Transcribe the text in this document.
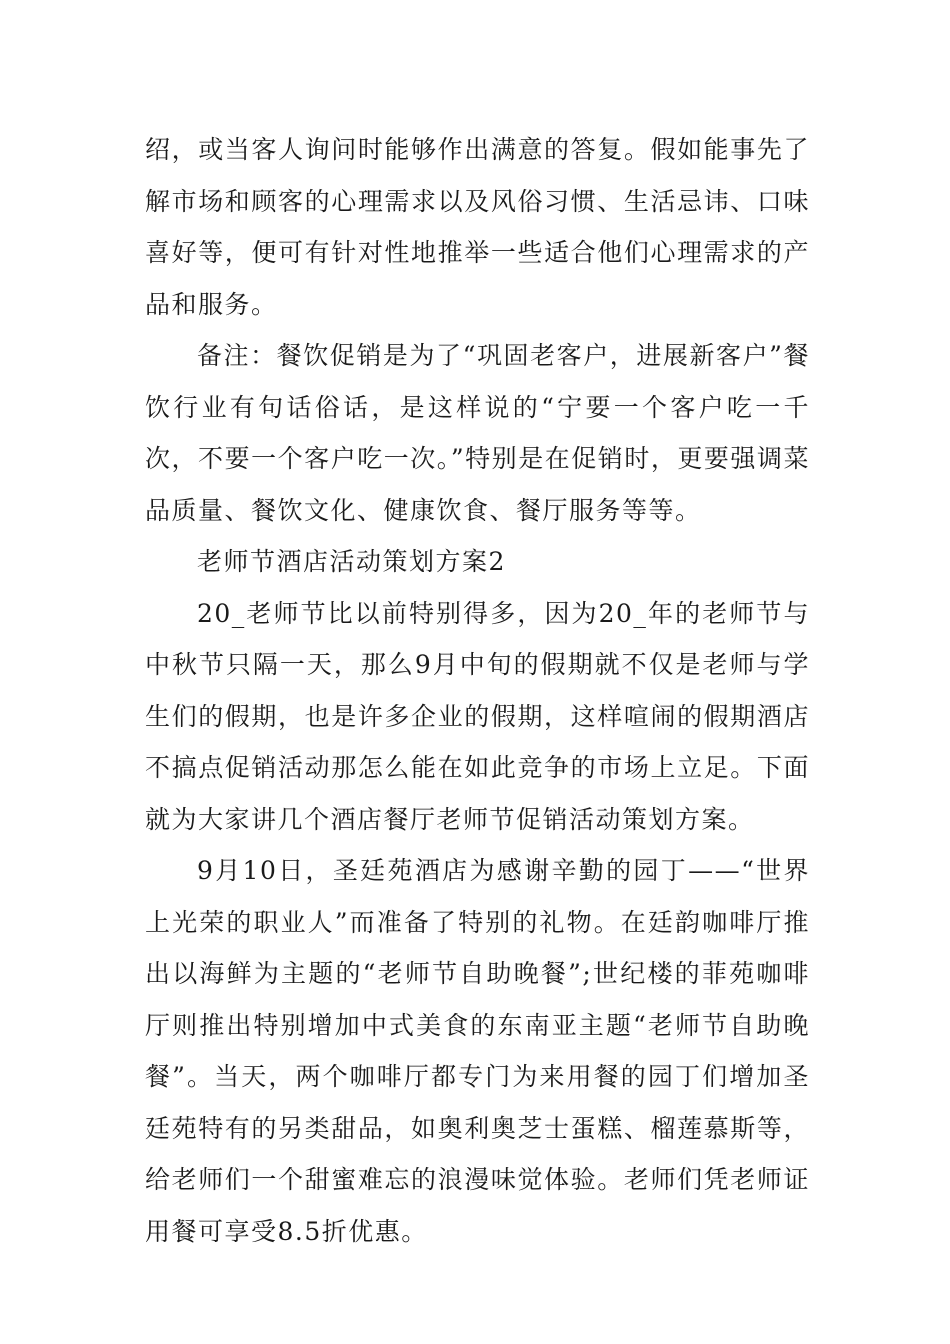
绍，或当客人询问时能够作出满意的答复。假如能事先了解市场和顾客的心理需求以及风俗习惯、生活忌讳、口味喜好等，便可有针对性地推举一些适合他们心理需求的产品和服务。

备注：餐饮促销是为了“巩固老客户，进展新客户”餐饮行业有句话俗话，是这样说的“宁要一个客户吃一千次，不要一个客户吃一次。”特别是在促销时，更要强调菜品质量、餐饮文化、健康饮食、餐厅服务等等。

老师节酒店活动策划方案2

20_老师节比以前特别得多，因为20_年的老师节与中秋节只隔一天，那么9月中旬的假期就不仅是老师与学生们的假期，也是许多企业的假期，这样喧闹的假期酒店不搞点促销活动那怎么能在如此竞争的市场上立足。下面就为大家讲几个酒店餐厅老师节促销活动策划方案。

9月10日，圣廷苑酒店为感谢辛勤的园丁——“世界上光荣的职业人”而准备了特别的礼物。在廷韵咖啡厅推出以海鲜为主题的“老师节自助晚餐”;世纪楼的菲苑咖啡厅则推出特别增加中式美食的东南亚主题“老师节自助晚餐”。当天，两个咖啡厅都专门为来用餐的园丁们增加圣廷苑特有的另类甜品，如奥利奥芝士蛋糕、榴莲慕斯等，给老师们一个甜蜜难忘的浪漫味觉体验。老师们凭老师证用餐可享受8.5折优惠。
